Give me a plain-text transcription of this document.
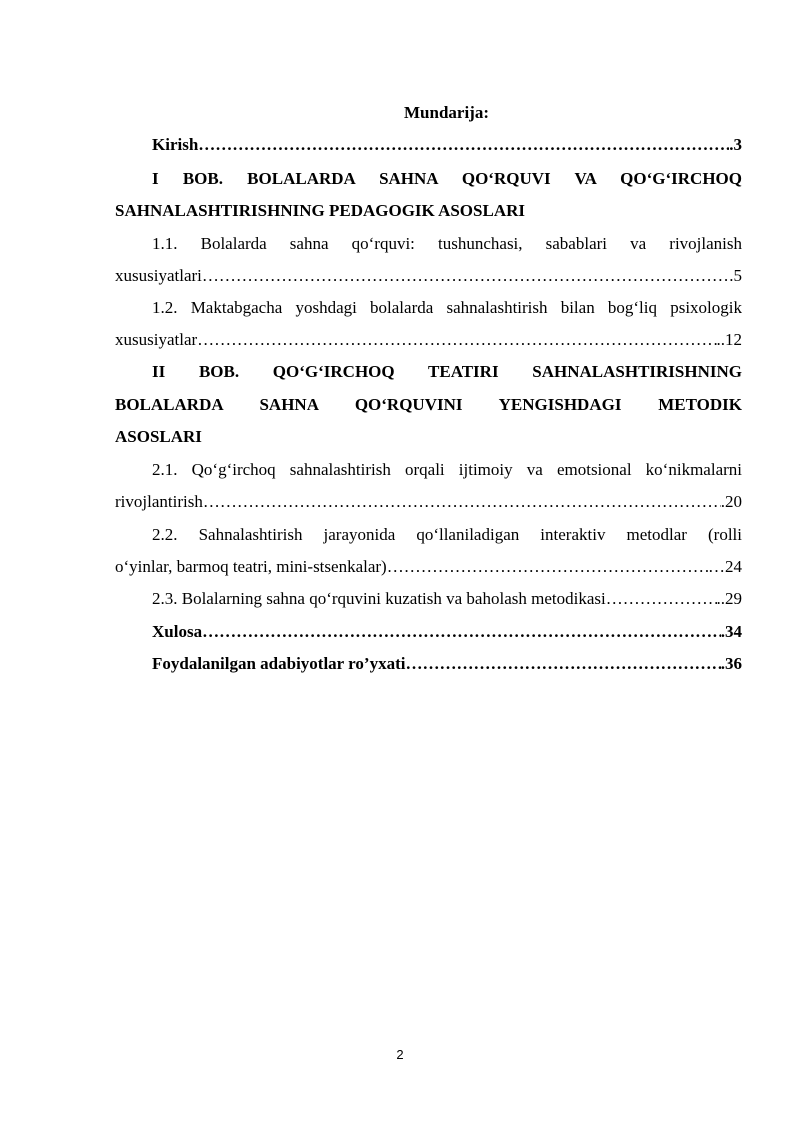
Mundarija:
Kirish ……………………………………………………………………………………………………………………………………………………………………	.3
I BOB. BOLALARDA SAHNA QO‘RQUVI VA QO‘G‘IRCHOQ
SAHNALASHTIRISHNING PEDAGOGIK ASOSLARI
1.1. Bolalarda sahna qo‘rquvi: tushunchasi, sabablari va rivojlanish
xususiyatlari ……………………………………………………………………………………………………………………………………………………………………	.5
1.2. Maktabgacha yoshdagi bolalarda sahnalashtirish bilan bog‘liq psixologik
xususiyatlar ……………………………………………………………………………………………………………………………………………………………………	..12
II BOB. QO‘G‘IRCHOQ TEATIRI SAHNALASHTIRISHNING
BOLALARDA SAHNA QO‘RQUVINI YENGISHDAGI METODIK
ASOSLARI
2.1. Qo‘g‘irchoq sahnalashtirish orqali ijtimoiy va emotsional ko‘nikmalarni
rivojlantirish ……………………………………………………………………………………………………………………………………………………………………	.20
2.2. Sahnalashtirish jarayonida qo‘llaniladigan interaktiv metodlar (rolli
o‘yinlar, barmoq teatri, mini-stsenkalar) ……………………………………………………………………………………………………………………………………………………………………	…24
2.3. Bolalarning sahna qo‘rquvini kuzatish va baholash metodikasi ……………………………………………………………………………………………………………………………………………………………………	..29
Xulosa ……………………………………………………………………………………………………………………………………………………………………	.34
Foydalanilgan adabiyotlar ro’yxati ……………………………………………………………………………………………………………………………………………………………………	.36
2
